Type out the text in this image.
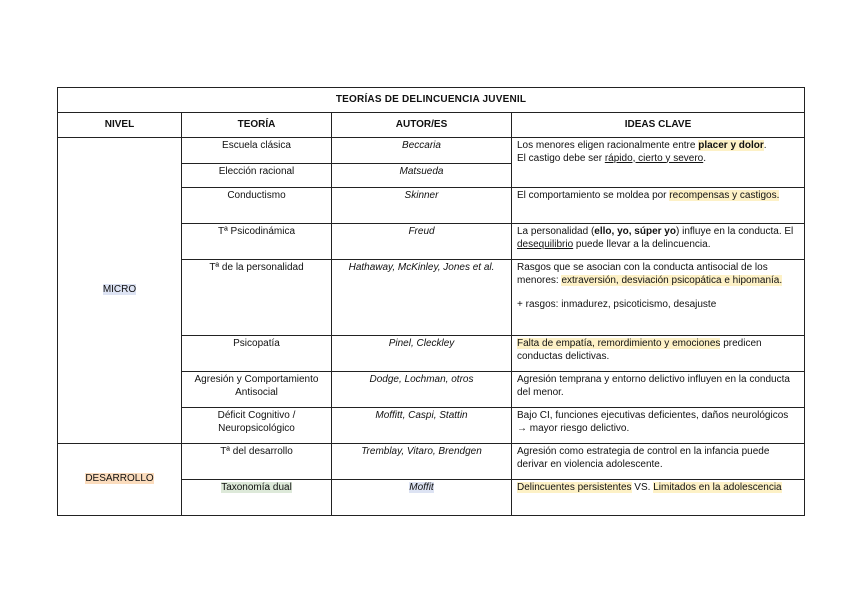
TEORÍAS DE DELINCUENCIA JUVENIL			
NIVEL	TEORÍA	AUTOR/ES	IDEAS CLAVE
MICRO	Escuela clásica	Beccaria	Los menores eligen racionalmente entre placer y dolor.
El castigo debe ser rápido, cierto y severo.
	Elección racional	Matsueda	
	Conductismo	Skinner	El comportamiento se moldea por recompensas y castigos.
	Tª Psicodinámica	Freud	La personalidad (ello, yo, súper yo) influye en la conducta. El desequilibrio puede llevar a la delincuencia.
	Tª de la personalidad	Hathaway, McKinley, Jones et al.	Rasgos que se asocian con la conducta antisocial de los menores: extraversión, desviación psicopática e hipomanía.
+ rasgos: inmadurez, psicoticismo, desajuste
	Psicopatía	Pinel, Cleckley	Falta de empatía, remordimiento y emociones predicen conductas delictivas.
	Agresión y Comportamiento Antisocial	Dodge, Lochman, otros	Agresión temprana y entorno delictivo influyen en la conducta del menor.
	Déficit Cognitivo / Neuropsicológico	Moffitt, Caspi, Stattin	Bajo CI, funciones ejecutivas deficientes, daños neurológicos → mayor riesgo delictivo.
DESARROLLO	Tª del desarrollo	Tremblay, Vitaro, Brendgen	Agresión como estrategia de control en la infancia puede derivar en violencia adolescente.
	Taxonomía dual	Moffit	Delincuentes persistentes VS. Limitados en la adolescencia
